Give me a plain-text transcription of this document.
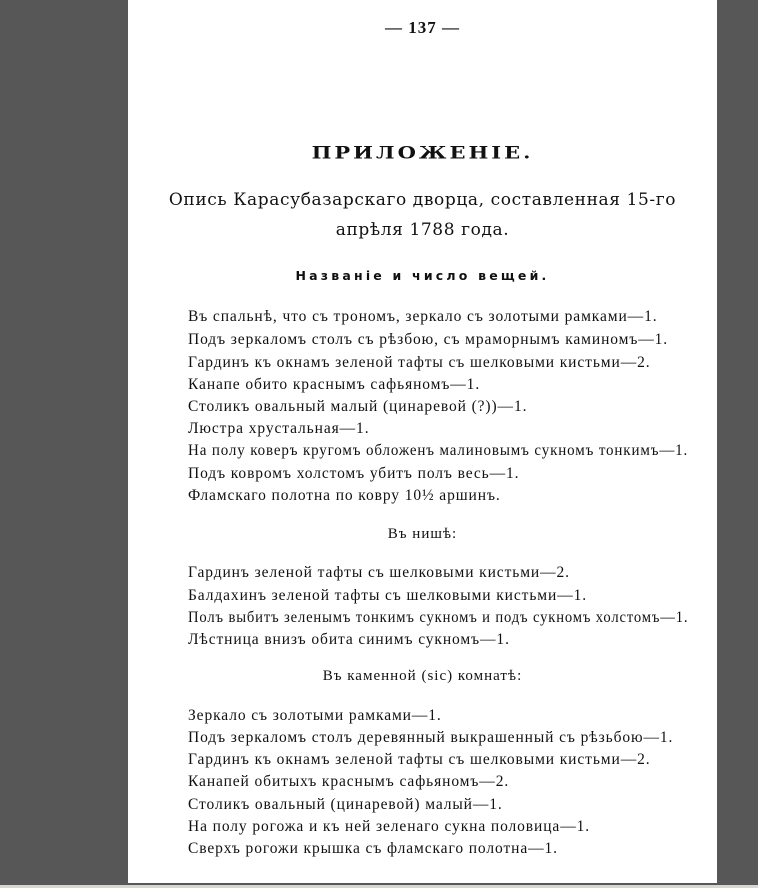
— 137 —
ПРИЛОЖЕНІЕ.
Опись Карасубазарскаго дворца, составленная 15-го
апрѣля 1788 года.
Названіе и число вещей.
Въ спальнѣ, что съ трономъ, зеркало съ золотыми рамками—1.
Подъ зеркаломъ столъ съ рѣзбою, съ мраморнымъ каминомъ—1.
Гардинъ къ окнамъ зеленой тафты съ шелковыми кистьми—2.
Канапе обито краснымъ сафьяномъ—1.
Столикъ овальный малый (цинаревой (?))—1.
Люстра хрустальная—1.
На полу коверъ кругомъ обложенъ малиновымъ сукномъ тонкимъ—1.
Подъ ковромъ холстомъ убитъ полъ весь—1.
Фламскаго полотна по ковру 10½ аршинъ.
Въ нишѣ:
Гардинъ зеленой тафты съ шелковыми кистьми—2.
Балдахинъ зеленой тафты съ шелковыми кистьми—1.
Полъ выбитъ зеленымъ тонкимъ сукномъ и подъ сукномъ холстомъ—1.
Лѣстница внизъ обита синимъ сукномъ—1.
Въ каменной (sic) комнатѣ:
Зеркало съ золотыми рамками—1.
Подъ зеркаломъ столъ деревянный выкрашенный съ рѣзьбою—1.
Гардинъ къ окнамъ зеленой тафты съ шелковыми кистьми—2.
Канапей обитыхъ краснымъ сафьяномъ—2.
Столикъ овальный (цинаревой) малый—1.
На полу рогожа и къ ней зеленаго сукна половица—1.
Сверхъ рогожи крышка съ фламскаго полотна—1.
